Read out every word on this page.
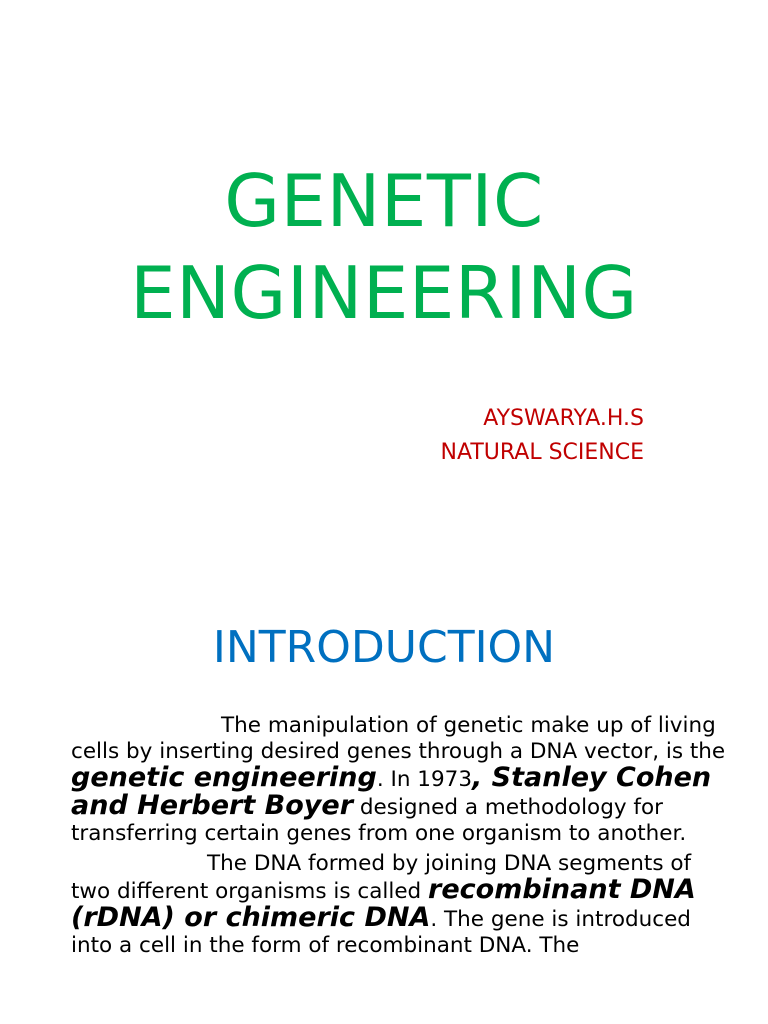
GENETIC
ENGINEERING
AYSWARYA.H.S
NATURAL SCIENCE
INTRODUCTION
The manipulation of genetic make up of living cells by inserting desired genes through a DNA vector, is the genetic engineering. In 1973, Stanley Cohen and Herbert Boyer designed a methodology for transferring certain genes from one organism to another.
The DNA formed by joining DNA segments of two different organisms is called recombinant DNA (rDNA) or chimeric DNA. The gene is introduced into a cell in the form of recombinant DNA. The
